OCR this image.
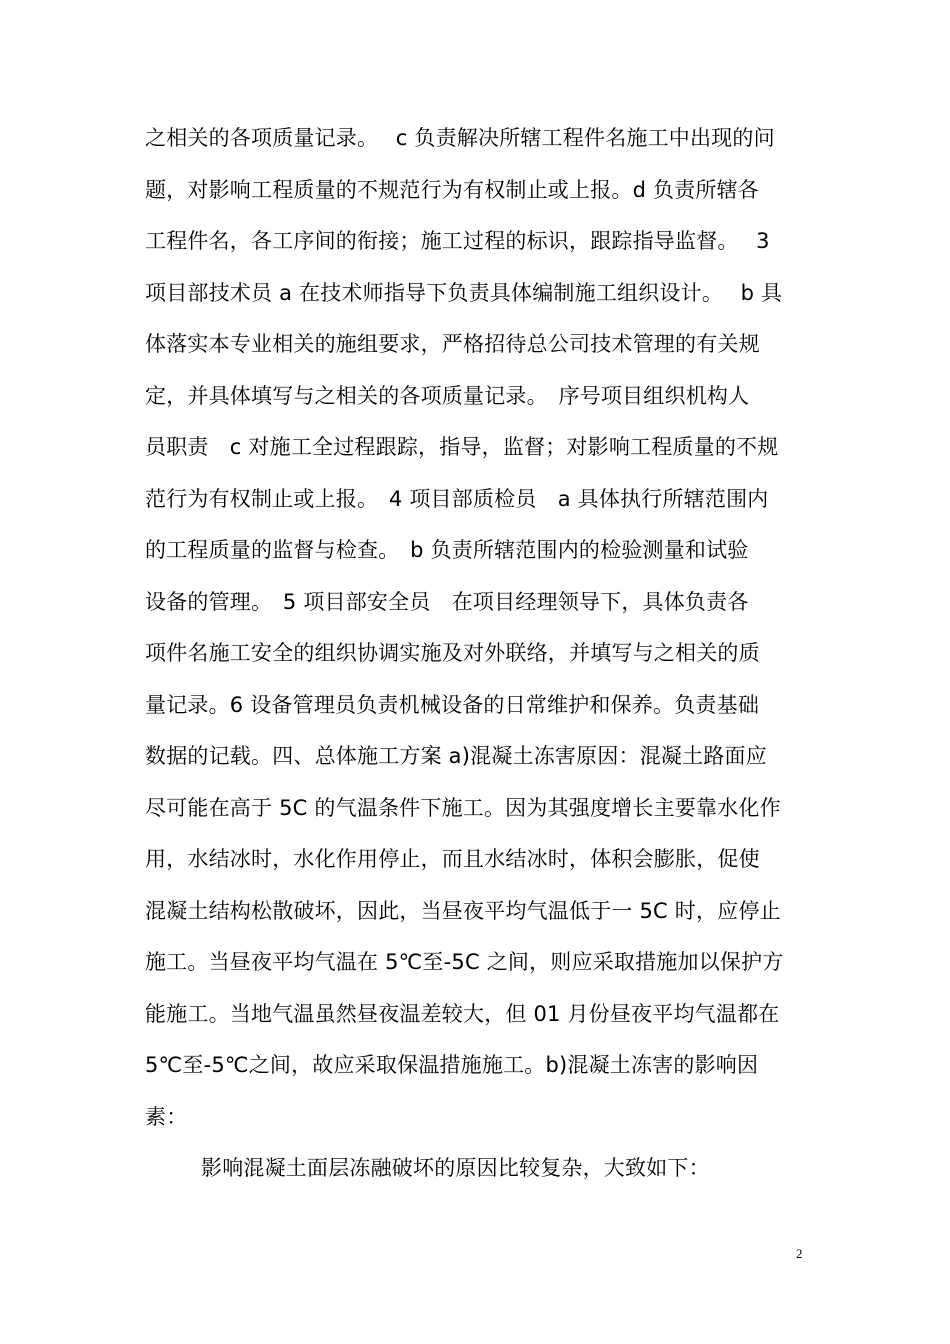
之相关的各项质量记录。　 c 负责解决所辖工程件名施工中出现的问
题，对影响工程质量的不规范行为有权制止或上报。d 负责所辖各
工程件名，各工序间的衔接；施工过程的标识，跟踪指导监督。　 3
项目部技术员 a 在技术师指导下负责具体编制施工组织设计。　 b 具
体落实本专业相关的施组要求，严格招待总公司技术管理的有关规
定，并具体填写与之相关的各项质量记录。　序号项目组织机构人
员职责　c 对施工全过程跟踪，指导，监督；对影响工程质量的不规
范行为有权制止或上报。　4 项目部质检员　a 具体执行所辖范围内
的工程质量的监督与检查。　b 负责所辖范围内的检验测量和试验
设备的管理。　5 项目部安全员　在项目经理领导下，具体负责各
项件名施工安全的组织协调实施及对外联络，并填写与之相关的质
量记录。6 设备管理员负责机械设备的日常维护和保养。负责基础
数据的记载。四、总体施工方案 a)混凝土冻害原因：混凝土路面应
尽可能在高于 5C 的气温条件下施工。因为其强度增长主要靠水化作
用，水结冰时，水化作用停止，而且水结冰时，体积会膨胀，促使
混凝土结构松散破坏，因此，当昼夜平均气温低于一 5C 时，应停止
施工。当昼夜平均气温在 5℃至-5C 之间，则应采取措施加以保护方
能施工。当地气温虽然昼夜温差较大，但 01 月份昼夜平均气温都在
5℃至-5℃之间，故应采取保温措施施工。b)混凝土冻害的影响因
素：
影响混凝土面层冻融破坏的原因比较复杂，大致如下：
2
